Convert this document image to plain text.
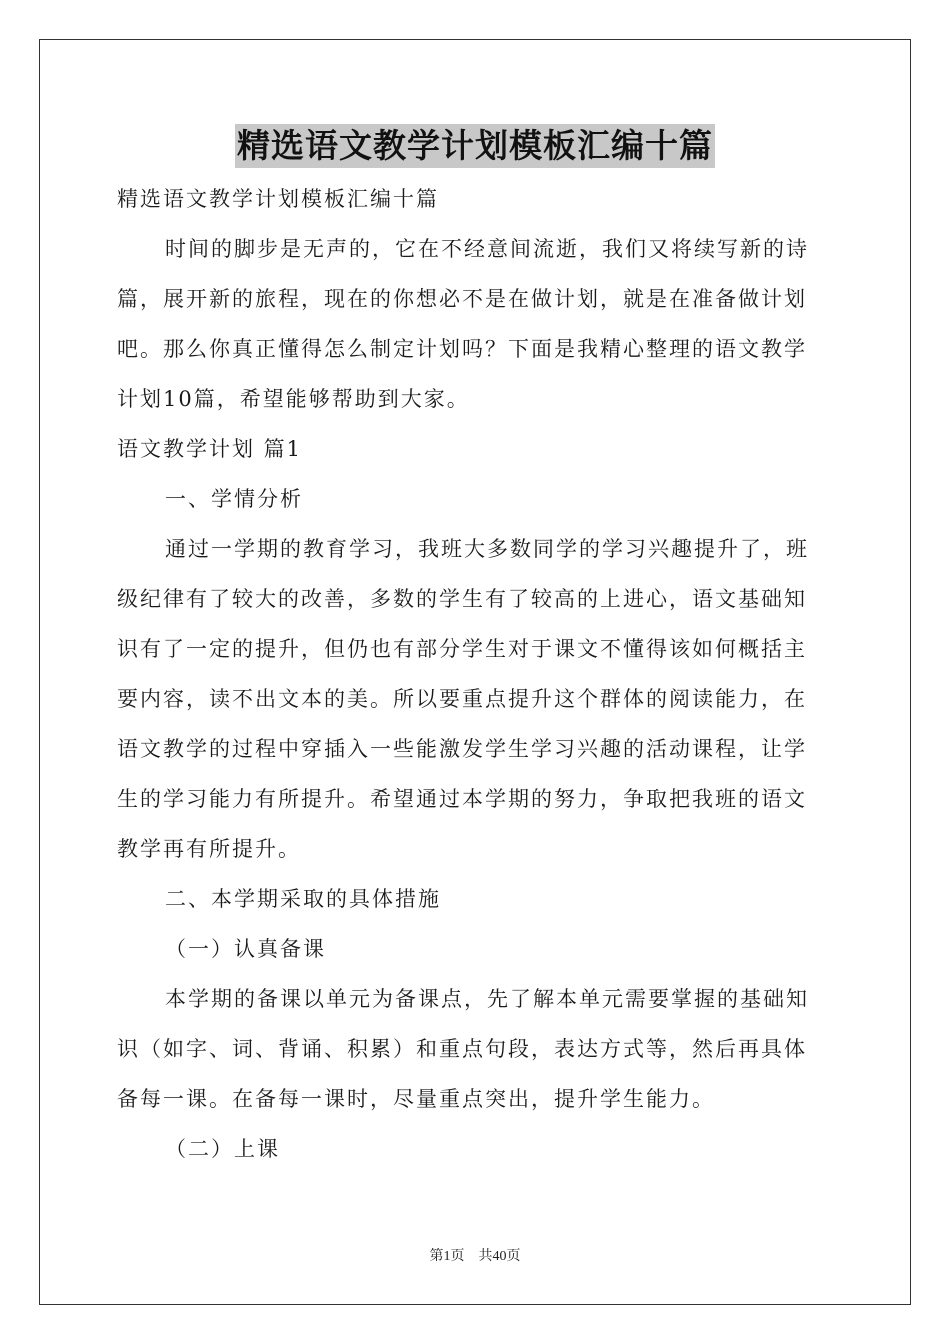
精选语文教学计划模板汇编十篇
精选语文教学计划模板汇编十篇
时间的脚步是无声的，它在不经意间流逝，我们又将续写新的诗
篇，展开新的旅程，现在的你想必不是在做计划，就是在准备做计划
吧。那么你真正懂得怎么制定计划吗？下面是我精心整理的语文教学
计划10篇，希望能够帮助到大家。
语文教学计划 篇1
一、学情分析
通过一学期的教育学习，我班大多数同学的学习兴趣提升了，班
级纪律有了较大的改善，多数的学生有了较高的上进心，语文基础知
识有了一定的提升，但仍也有部分学生对于课文不懂得该如何概括主
要内容，读不出文本的美。所以要重点提升这个群体的阅读能力，在
语文教学的过程中穿插入一些能激发学生学习兴趣的活动课程，让学
生的学习能力有所提升。希望通过本学期的努力，争取把我班的语文
教学再有所提升。
二、本学期采取的具体措施
（一）认真备课
本学期的备课以单元为备课点，先了解本单元需要掌握的基础知
识（如字、词、背诵、积累）和重点句段，表达方式等，然后再具体
备每一课。在备每一课时，尽量重点突出，提升学生能力。
（二）上课
第1页 共40页
